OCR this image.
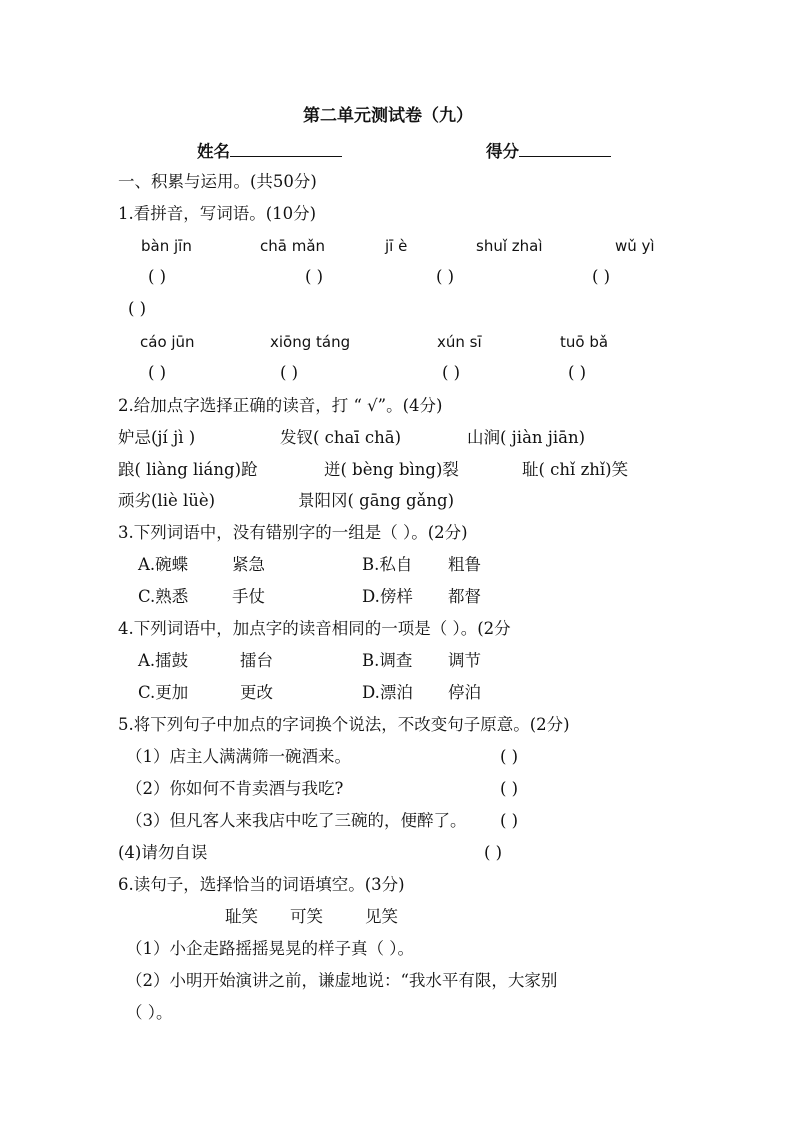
第二单元测试卷（九）
姓名	得分
一、积累与运用。(共50分)
1.看拼音，写词语。(10分)
bàn jīn	chā mǎn	jī è	shuǐ zhaì	wǔ yì
( )	( )	( )	( )
( )
cáo jūn	xiōng táng	xún sī	tuō bǎ
( )	( )	( )	( )
2.给加点字选择正确的读音，打 “ √”。(4分)
妒忌(jí jì )	发钗( chaī chā)	山涧( jiàn jiān)
踉( liàng liáng)跄	迸( bèng bìng)裂	耻( chǐ zhǐ)笑
顽劣(liè lüè)	景阳冈( gāng gǎng)
3.下列词语中，没有错别字的一组是（ ）。(2分)
A.碗蝶	紧急	B.私自 粗鲁
C.熟悉	手仗	D.傍样 都督
4.下列词语中，加点字的读音相同的一项是（ ）。(2分
A.擂鼓	擂台	B.调查 调节
C.更加	更改	D.漂泊 停泊
5.将下列句子中加点的字词换个说法，不改变句子原意。(2分)
（1）店主人满满筛一碗酒来。	( )
（2）你如何不肯卖酒与我吃?	( )
（3）但凡客人来我店中吃了三碗的，便醉了。 ( )
(4)请勿自误	( )
6.读句子，选择恰当的词语填空。(3分)
耻笑 可笑	见笑
（1）小企走路摇摇晃晃的样子真（ ）。
（2）小明开始演讲之前，谦虚地说：“我水平有限，大家别
（ ）。
